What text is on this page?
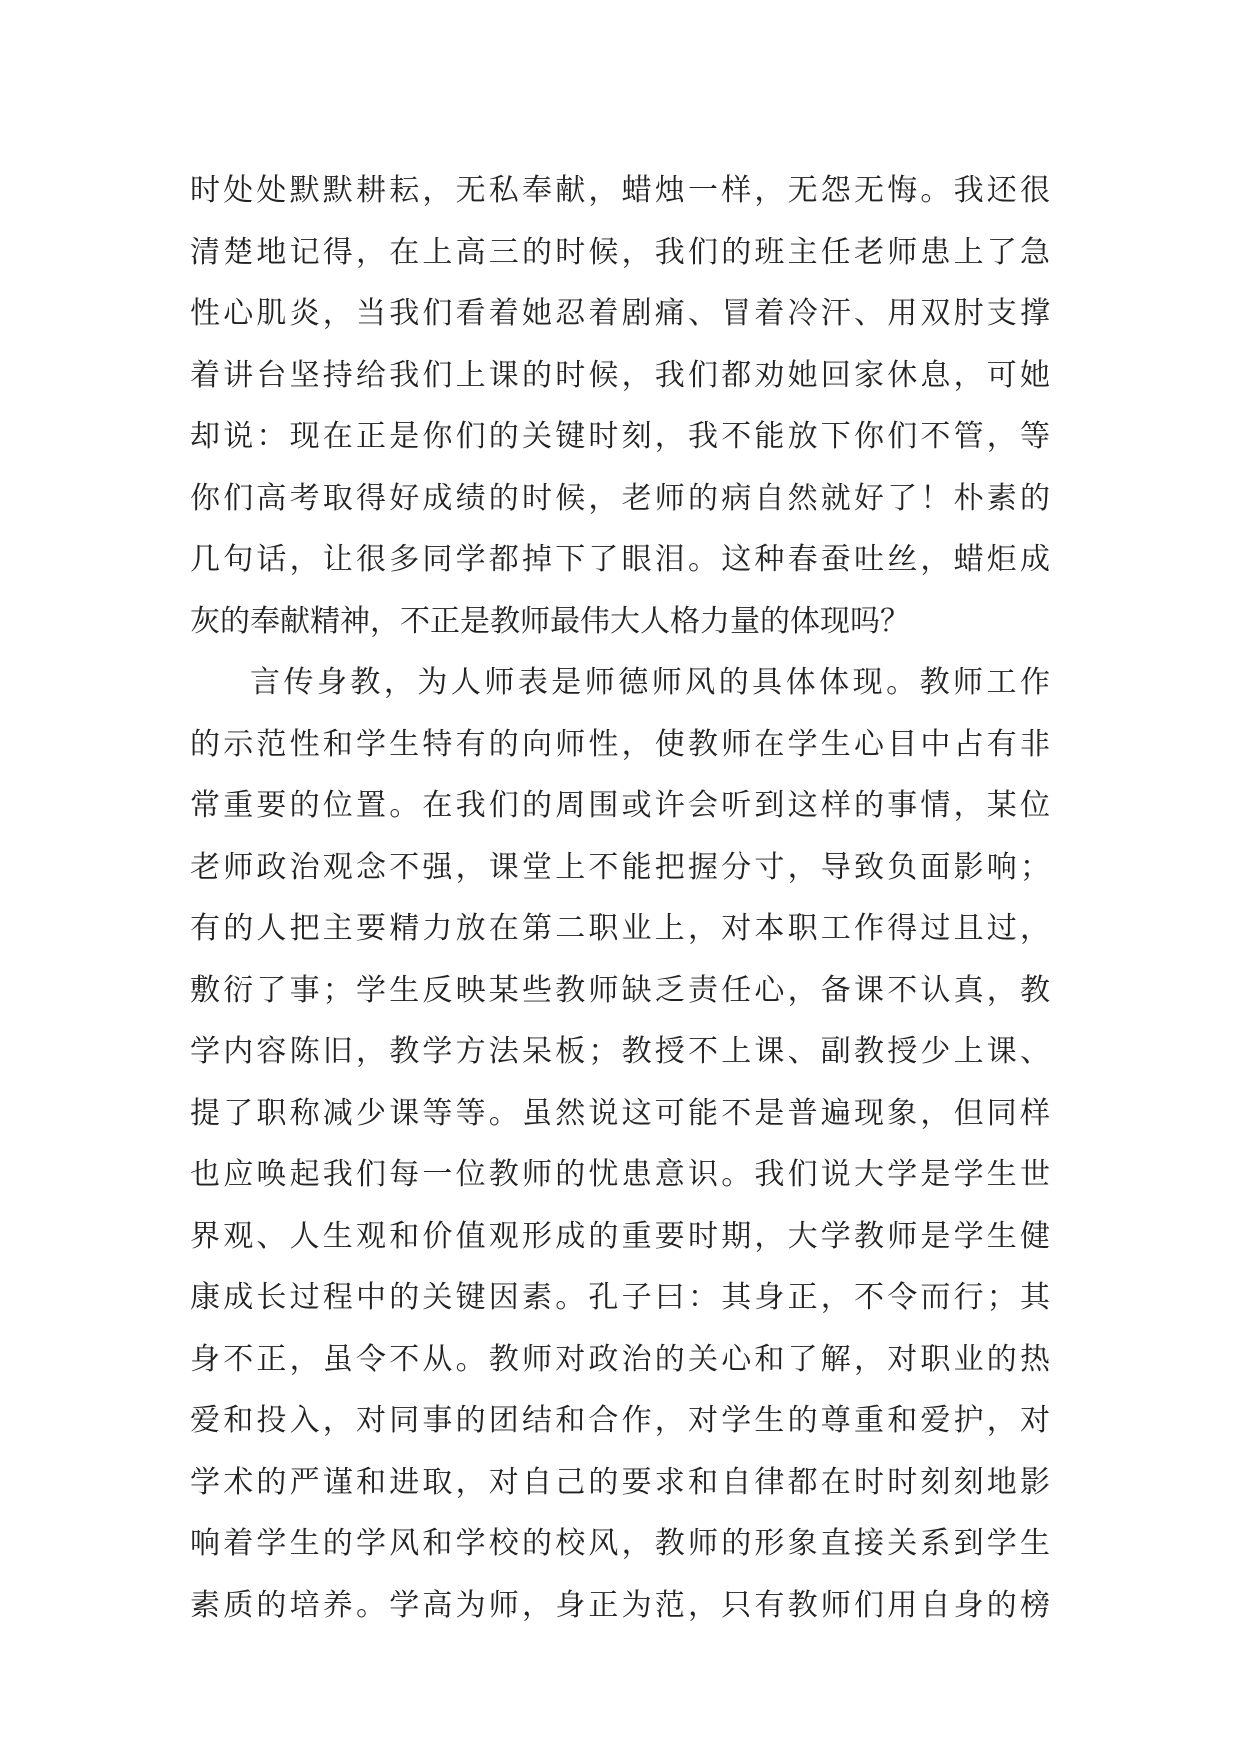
时处处默默耕耘，无私奉献，蜡烛一样，无怨无悔。我还很
清楚地记得，在上高三的时候，我们的班主任老师患上了急
性心肌炎，当我们看着她忍着剧痛、冒着冷汗、用双肘支撑
着讲台坚持给我们上课的时候，我们都劝她回家休息，可她
却说：现在正是你们的关键时刻，我不能放下你们不管，等
你们高考取得好成绩的时候，老师的病自然就好了！朴素的
几句话，让很多同学都掉下了眼泪。这种春蚕吐丝，蜡炬成
灰的奉献精神，不正是教师最伟大人格力量的体现吗？
言传身教，为人师表是师德师风的具体体现。教师工作
的示范性和学生特有的向师性，使教师在学生心目中占有非
常重要的位置。在我们的周围或许会听到这样的事情，某位
老师政治观念不强，课堂上不能把握分寸，导致负面影响；
有的人把主要精力放在第二职业上，对本职工作得过且过，
敷衍了事；学生反映某些教师缺乏责任心，备课不认真，教
学内容陈旧，教学方法呆板；教授不上课、副教授少上课、
提了职称减少课等等。虽然说这可能不是普遍现象，但同样
也应唤起我们每一位教师的忧患意识。我们说大学是学生世
界观、人生观和价值观形成的重要时期，大学教师是学生健
康成长过程中的关键因素。孔子曰：其身正，不令而行；其
身不正，虽令不从。教师对政治的关心和了解，对职业的热
爱和投入，对同事的团结和合作，对学生的尊重和爱护，对
学术的严谨和进取，对自己的要求和自律都在时时刻刻地影
响着学生的学风和学校的校风，教师的形象直接关系到学生
素质的培养。学高为师，身正为范，只有教师们用自身的榜
